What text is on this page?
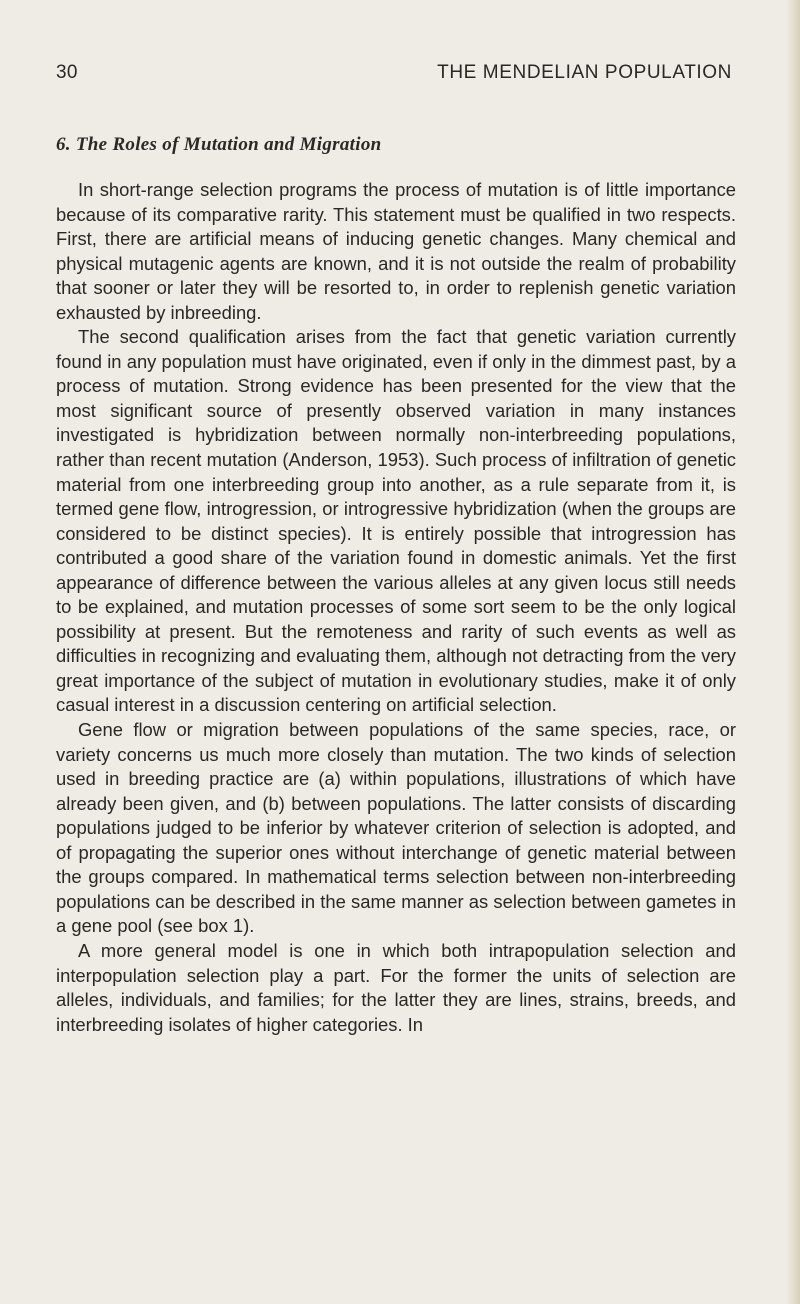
30	THE MENDELIAN POPULATION
6. The Roles of Mutation and Migration

In short-range selection programs the process of mutation is of little importance because of its comparative rarity. This statement must be qualified in two respects. First, there are artificial means of inducing genetic changes. Many chemical and physical mutagenic agents are known, and it is not outside the realm of probability that sooner or later they will be resorted to, in order to replenish genetic variation exhausted by inbreeding.

The second qualification arises from the fact that genetic variation currently found in any population must have originated, even if only in the dimmest past, by a process of mutation. Strong evidence has been presented for the view that the most significant source of presently observed variation in many instances investigated is hybridization between normally non-interbreeding populations, rather than recent mutation (Anderson, 1953). Such process of infiltration of genetic material from one interbreeding group into another, as a rule separate from it, is termed gene flow, introgression, or introgressive hybridization (when the groups are considered to be distinct species). It is entirely possible that introgression has contributed a good share of the variation found in domestic animals. Yet the first appearance of difference between the various alleles at any given locus still needs to be explained, and mutation processes of some sort seem to be the only logical possibility at present. But the remoteness and rarity of such events as well as difficulties in recognizing and evaluating them, although not detracting from the very great importance of the subject of mutation in evolutionary studies, make it of only casual interest in a discussion centering on artificial selection.

Gene flow or migration between populations of the same species, race, or variety concerns us much more closely than mutation. The two kinds of selection used in breeding practice are (a) within populations, illustrations of which have already been given, and (b) between populations. The latter consists of discarding populations judged to be inferior by whatever criterion of selection is adopted, and of propagating the superior ones without interchange of genetic material between the groups compared. In mathematical terms selection between non-interbreeding populations can be described in the same manner as selection between gametes in a gene pool (see box 1).

A more general model is one in which both intrapopulation selection and interpopulation selection play a part. For the former the units of selection are alleles, individuals, and families; for the latter they are lines, strains, breeds, and interbreeding isolates of higher categories. In
